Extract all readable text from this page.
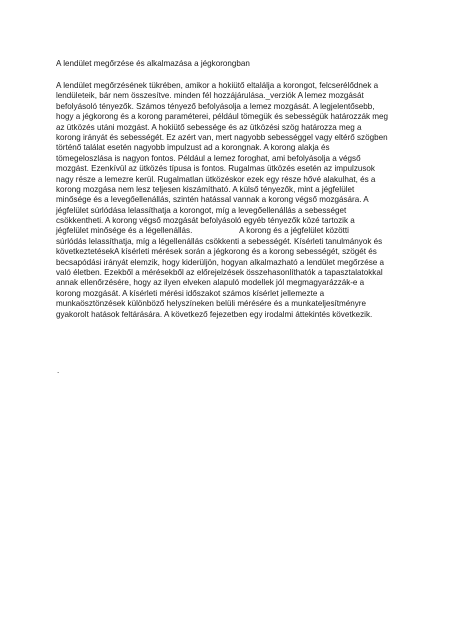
A lendület megőrzése és alkalmazása a jégkorongban
A lendület megőrzésének tükrében, amikor a hokiütő eltalálja a korongot, felcserélődnek a
lendületeik, bár nem összesítve. minden fél hozzájárulása._verziók A lemez mozgását
befolyásoló tényezők. Számos tényező befolyásolja a lemez mozgását. A legjelentősebb,
hogy a jégkorong és a korong paraméterei, például tömegük és sebességük határozzák meg
az ütközés utáni mozgást. A hokiütő sebessége és az ütközési szög határozza meg a
korong irányát és sebességét. Ez azért van, mert nagyobb sebességgel vagy eltérő szögben
történő találat esetén nagyobb impulzust ad a korongnak. A korong alakja és
tömegeloszlása is nagyon fontos. Például a lemez foroghat, ami befolyásolja a végső
mozgást. Ezenkívül az ütközés típusa is fontos. Rugalmas ütközés esetén az impulzusok
nagy része a lemezre kerül. Rugalmatlan ütközéskor ezek egy része hővé alakulhat, és a
korong mozgása nem lesz teljesen kiszámítható. A külső tényezők, mint a jégfelület
minősége és a levegőellenállás, szintén hatással vannak a korong végső mozgására. A
jégfelület súrlódása lelassíthatja a korongot, míg a levegőellenállás a sebességet
csökkentheti. A korong végső mozgását befolyásoló egyéb tényezők közé tartozik a
jégfelület minősége és a légellenállás.                     A korong és a jégfelület közötti
súrlódás lelassíthatja, míg a légellenállás csökkenti a sebességét. Kísérleti tanulmányok és
következtetésekA kísérleti mérések során a jégkorong és a korong sebességét, szögét és
becsapódási irányát elemzik, hogy kiderüljön, hogyan alkalmazható a lendület megőrzése a
való életben. Ezekből a mérésekből az előrejelzések összehasonlíthatók a tapasztalatokkal
annak ellenőrzésére, hogy az ilyen elveken alapuló modellek jól megmagyarázzák-e a
korong mozgását. A kísérleti mérési időszakot számos kísérlet jellemezte a
munkaösztönzések különböző helyszíneken belüli mérésére és a munkateljesítményre
gyakorolt hatások feltárására. A következő fejezetben egy irodalmi áttekintés következik.
.
